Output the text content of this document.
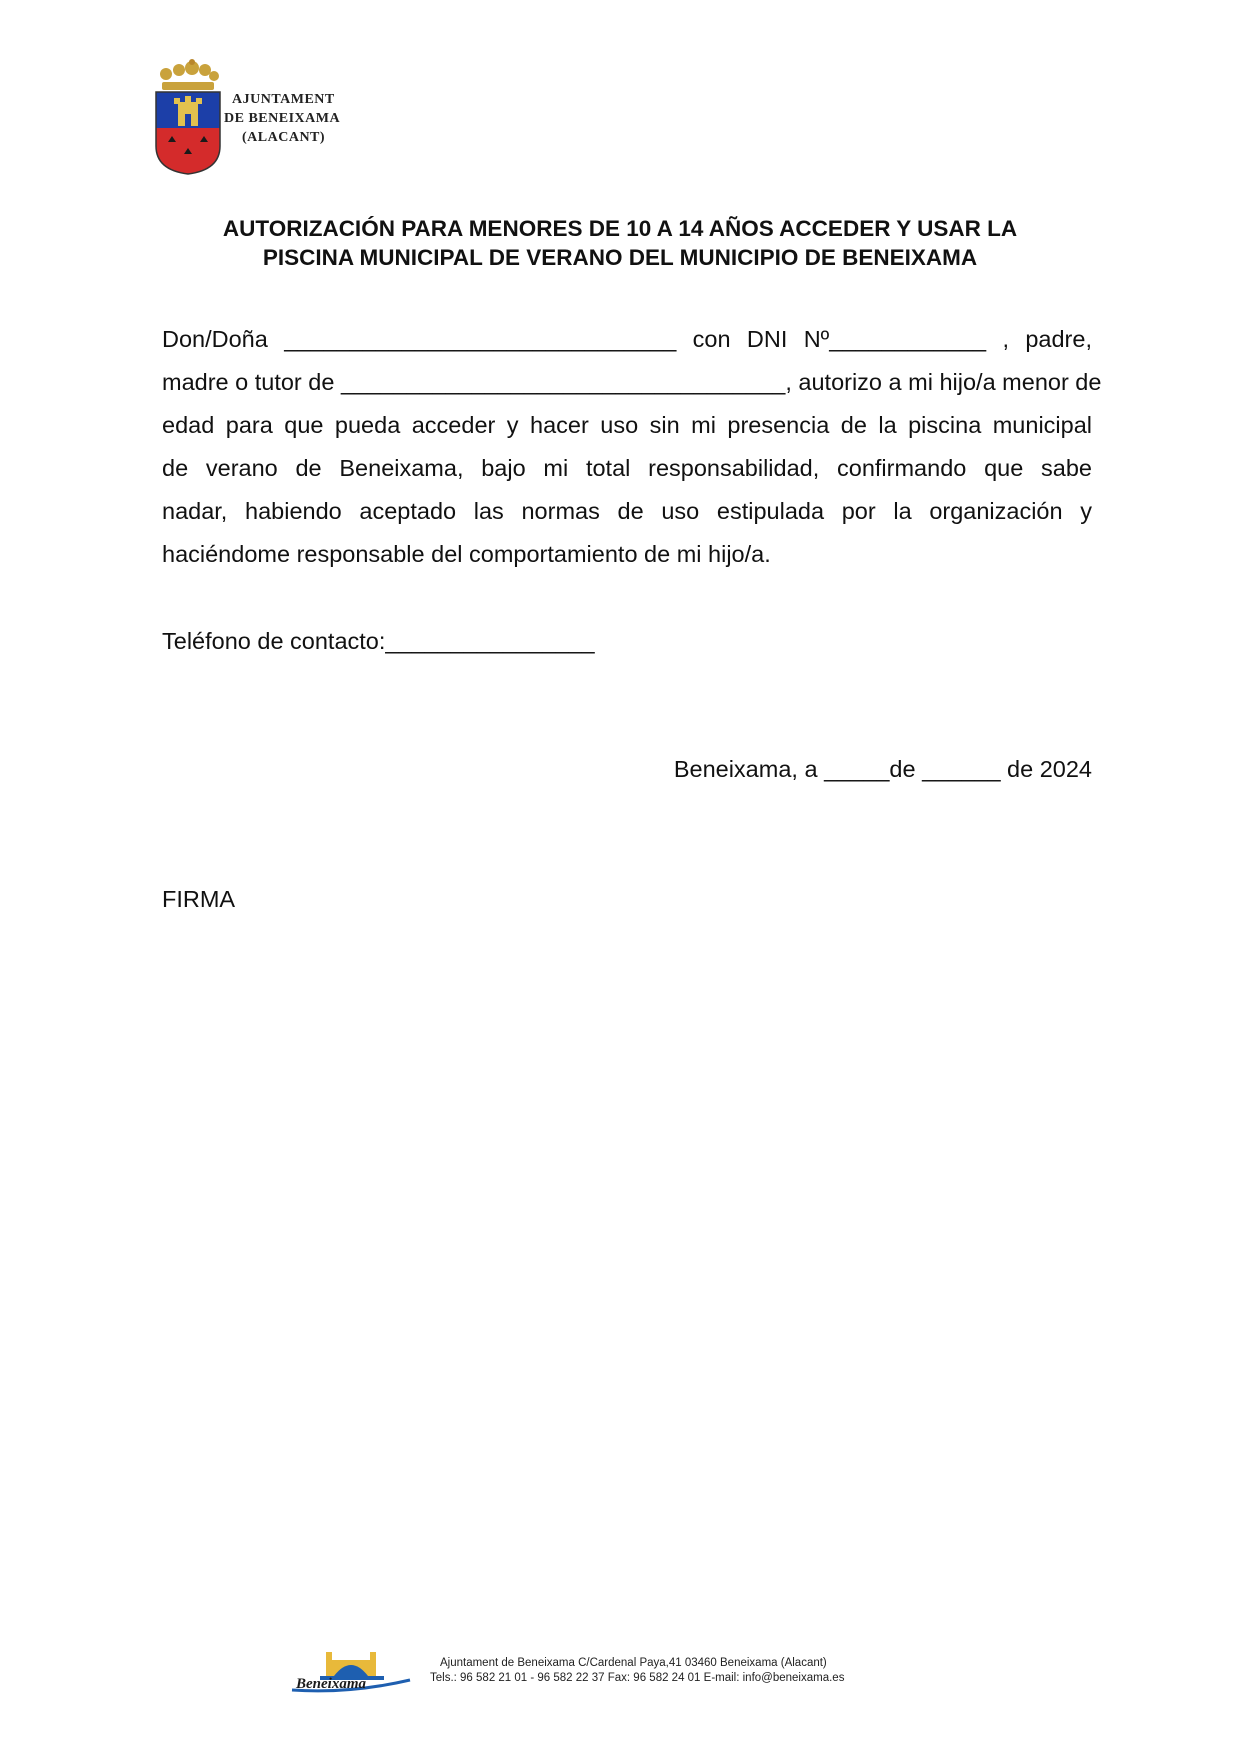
AJUNTAMENT
DE BENEIXAMA
(ALACANT)
AUTORIZACIÓN PARA MENORES DE 10 A 14 AÑOS ACCEDER Y USAR LA
PISCINA MUNICIPAL DE VERANO DEL MUNICIPIO DE BENEIXAMA
Don/Doña ______________________________ con DNI Nº____________ , padre,
madre o tutor de __________________________________, autorizo a mi hijo/a menor de
edad para que pueda acceder y hacer uso sin mi presencia de la piscina municipal
de verano de Beneixama, bajo mi total responsabilidad, confirmando que sabe
nadar, habiendo aceptado las normas de uso estipulada por la organización y
haciéndome responsable del comportamiento de mi hijo/a.
Teléfono de contacto:________________
Beneixama, a _____de ______ de 2024
FIRMA
Beneixama
Ajuntament de Beneixama C/Cardenal Paya,41 03460 Beneixama (Alacant)
Tels.: 96 582 21 01 - 96 582 22 37 Fax: 96 582 24 01 E-mail: info@beneixama.es
